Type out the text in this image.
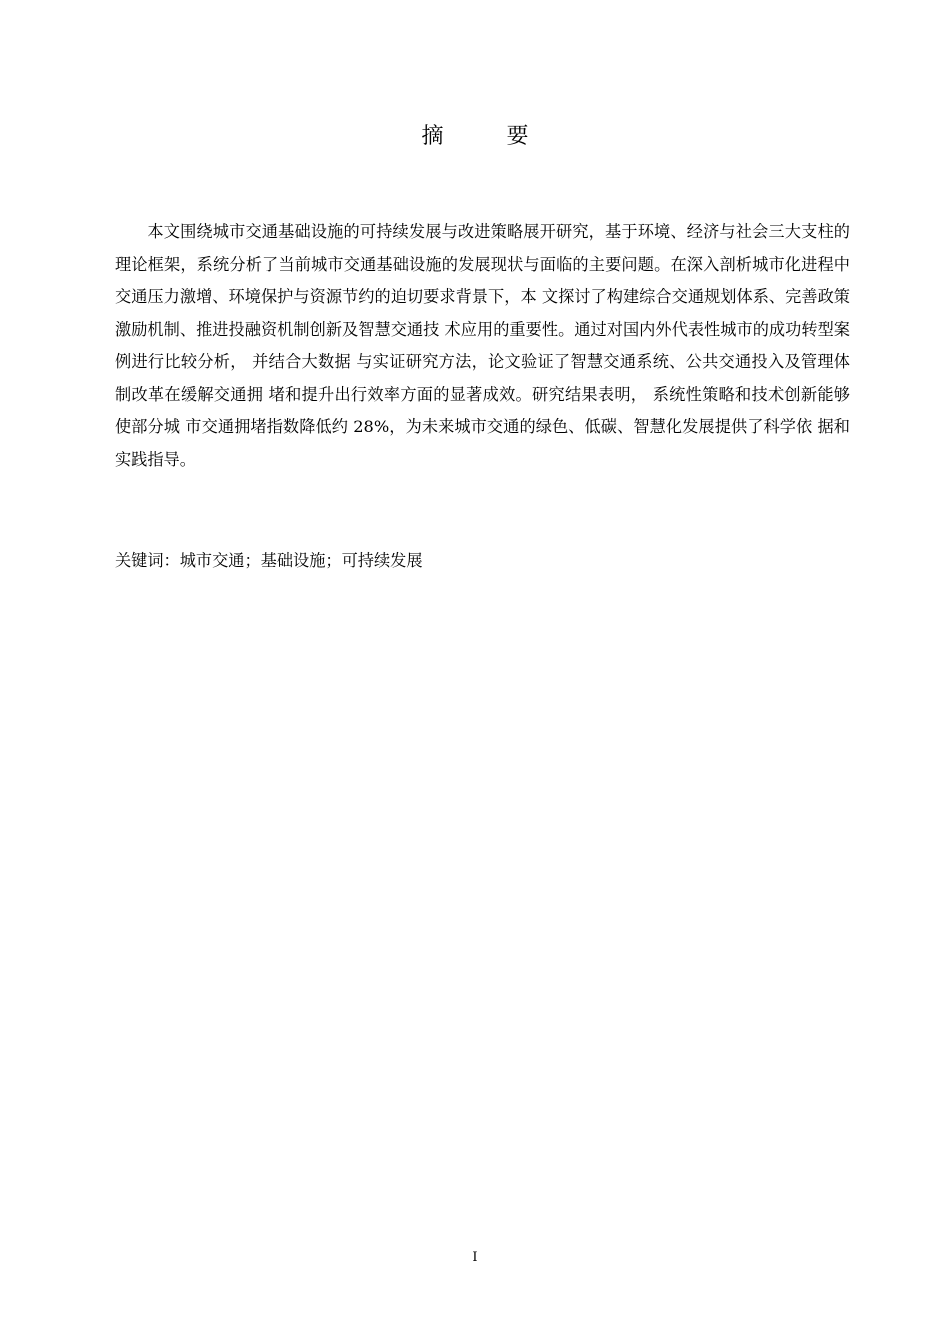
摘 要

本文围绕城市交通基础设施的可持续发展与改进策略展开研究，基于环境、经济与社会三大支柱的理论框架，系统分析了当前城市交通基础设施的发展现状与面临的主要问题。在深入剖析城市化进程中交通压力激增、环境保护与资源节约的迫切要求背景下，本 文探讨了构建综合交通规划体系、完善政策激励机制、推进投融资机制创新及智慧交通技 术应用的重要性。通过对国内外代表性城市的成功转型案例进行比较分析， 并结合大数据 与实证研究方法，论文验证了智慧交通系统、公共交通投入及管理体制改革在缓解交通拥 堵和提升出行效率方面的显著成效。研究结果表明， 系统性策略和技术创新能够使部分城 市交通拥堵指数降低约 28%，为未来城市交通的绿色、低碳、智慧化发展提供了科学依 据和实践指导。

关键词：城市交通；基础设施；可持续发展

I
